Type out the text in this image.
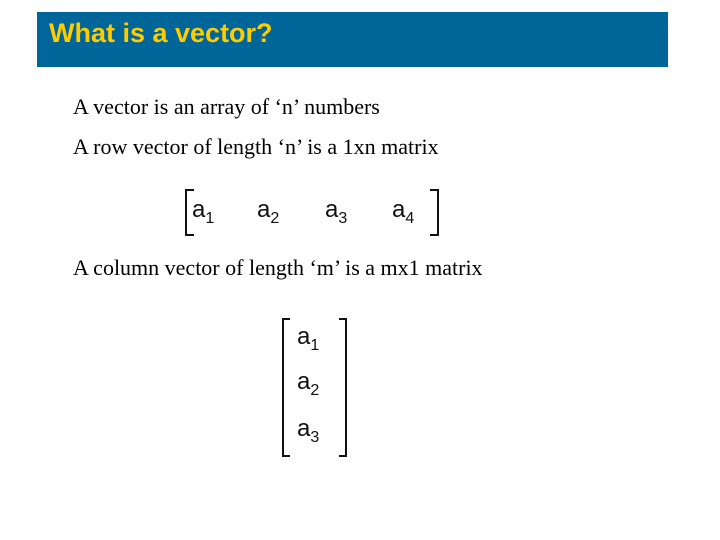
What is a vector?
A vector is an array of ‘n’ numbers
A row vector of length ‘n’ is a 1xn matrix
$a_1$ $a_2$ $a_3$ $a_4$
A column vector of length ‘m’ is a mx1 matrix
$a_1$
$a_2$
$a_3$
